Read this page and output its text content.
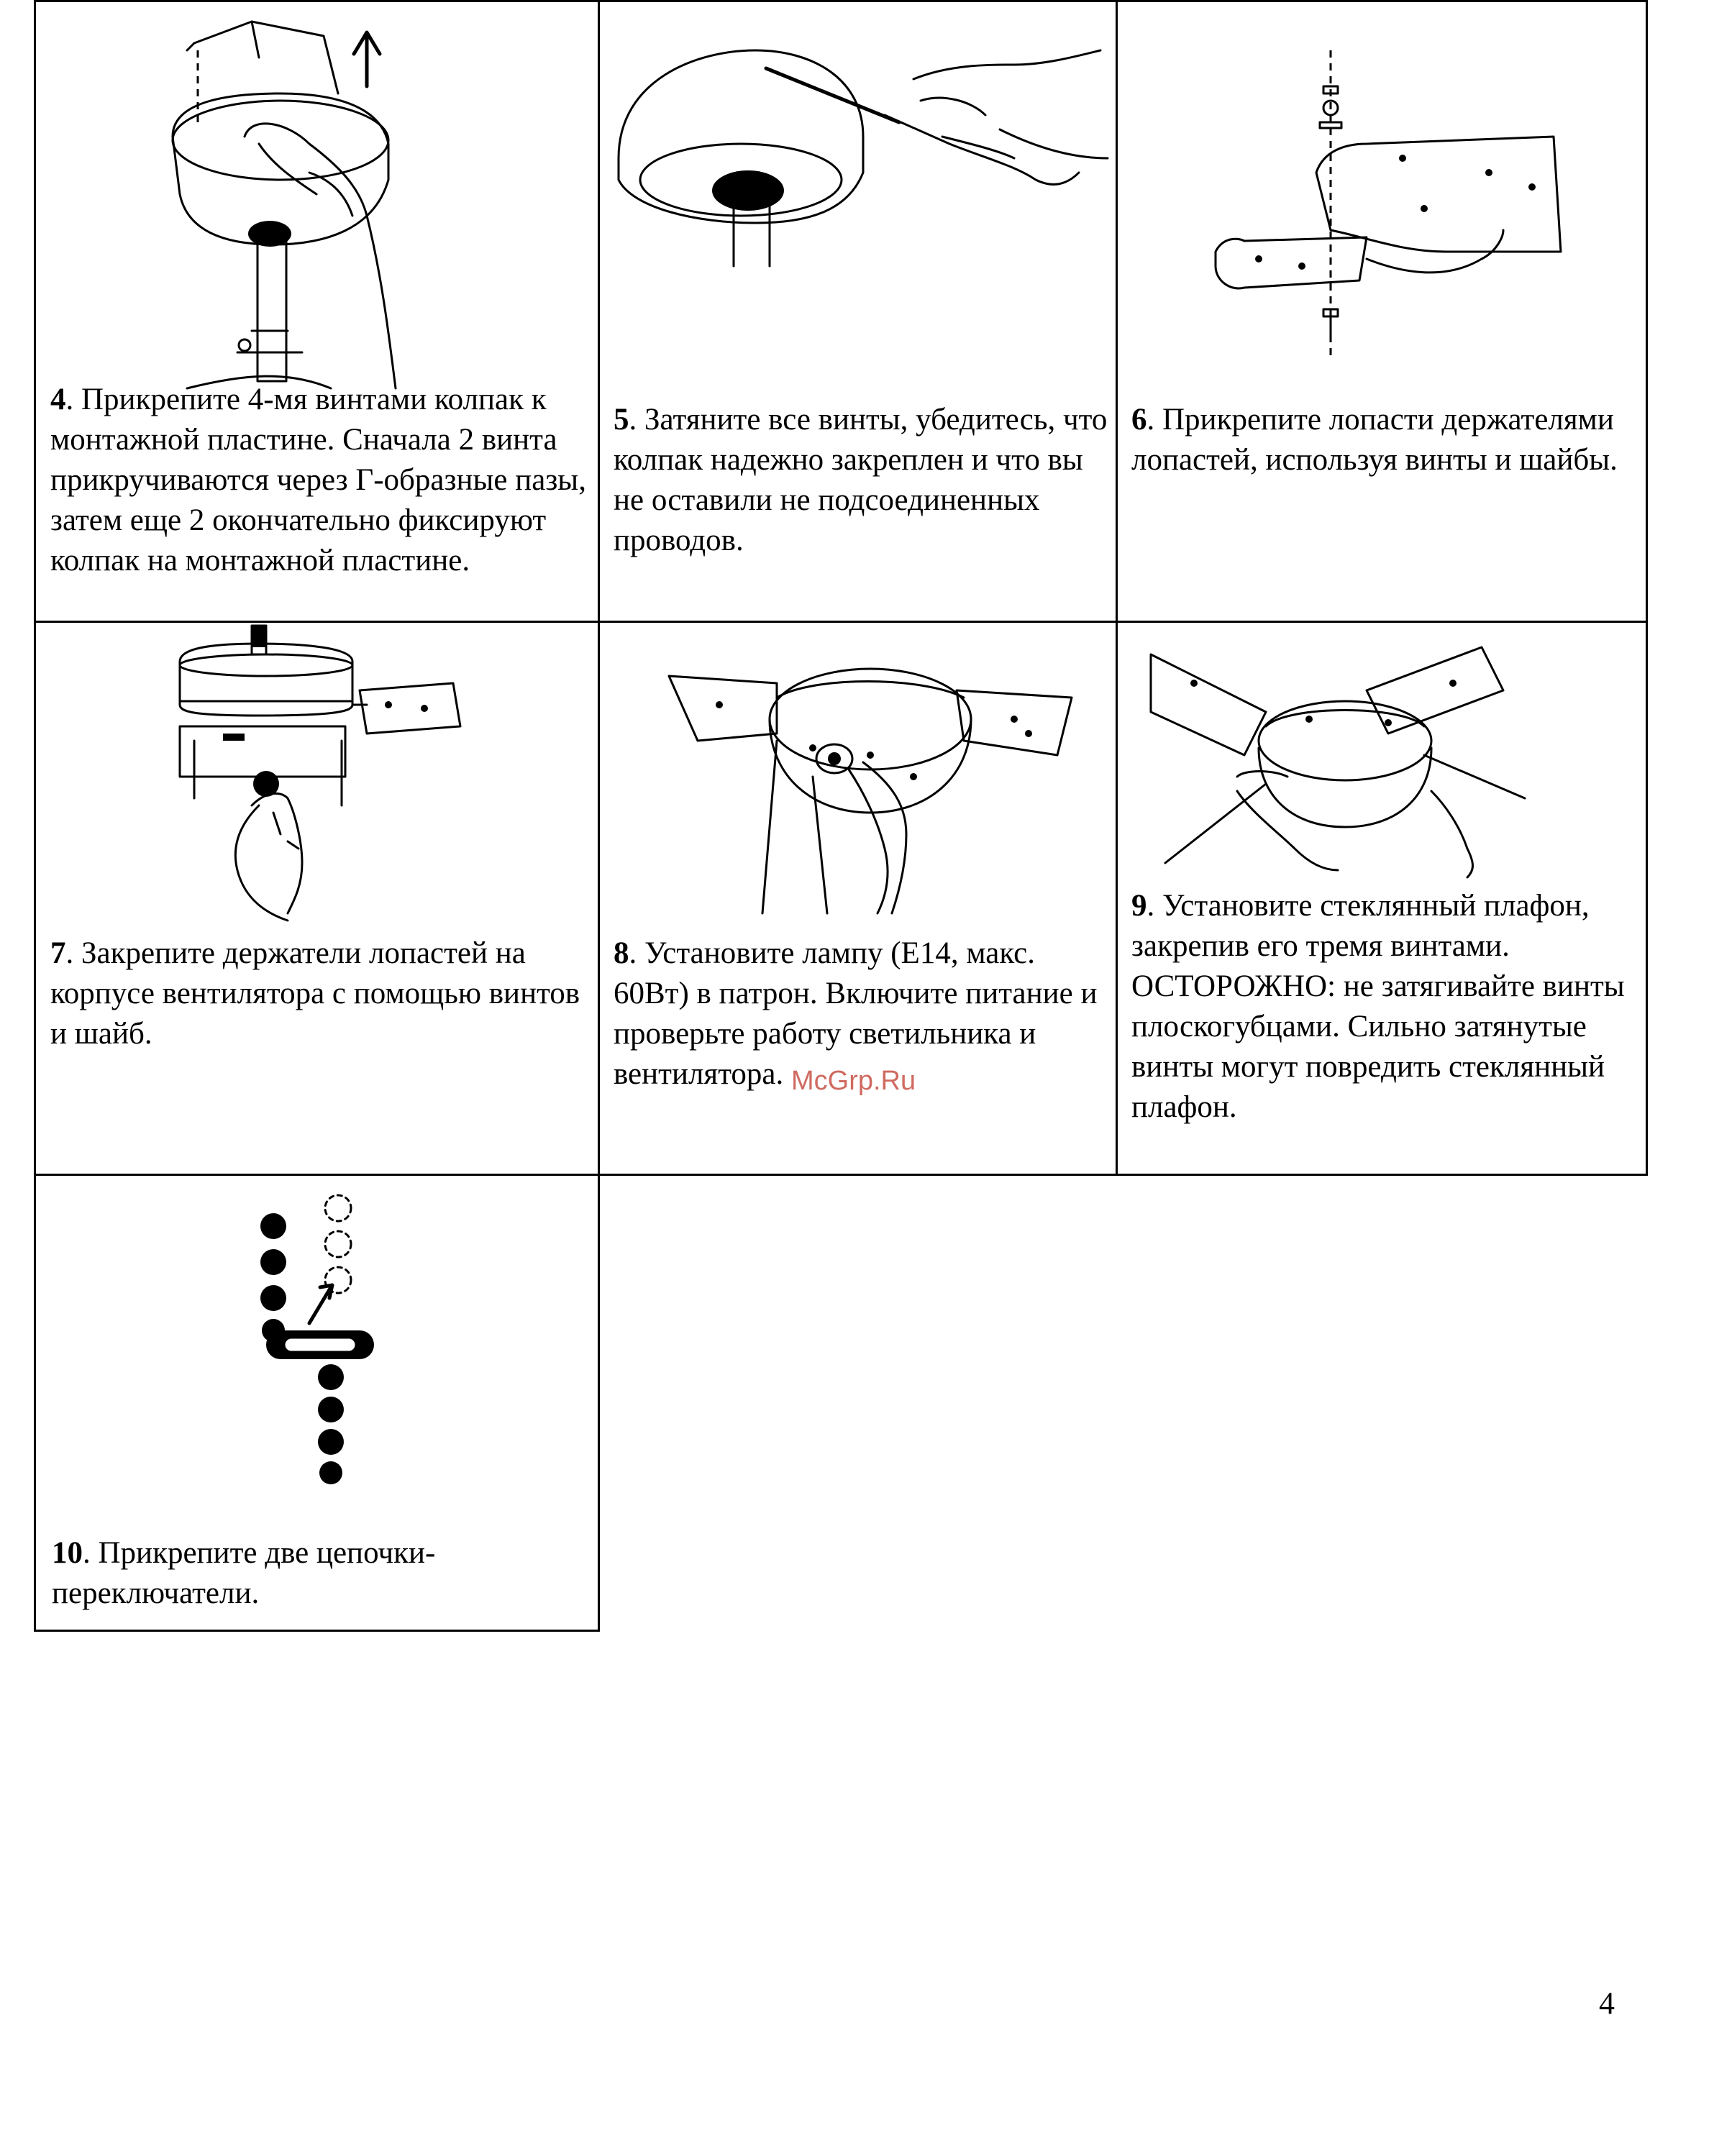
4. Прикрепите 4-мя винтами колпак к монтажной пластине. Сначала 2 винта прикручиваются через Г-образные пазы, затем еще 2 окончательно фиксируют колпак на монтажной пластине.
5. Затяните все винты, убедитесь, что колпак надежно закреплен и что вы не оставили не подсоединенных проводов.
6. Прикрепите лопасти держателями лопастей, используя винты и шайбы.
7. Закрепите держатели лопастей на корпусе вентилятора с помощью винтов и шайб.
8. Установите лампу (E14, макс. 60Вт) в патрон. Включите питание и проверьте работу светильника и вентилятора.
9. Установите стеклянный плафон, закрепив его тремя винтами. ОСТОРОЖНО: не затягивайте винты плоскогубцами. Сильно затянутые винты могут повредить стеклянный плафон.
10. Прикрепите две цепочки-переключатели.
McGrp.Ru
4
